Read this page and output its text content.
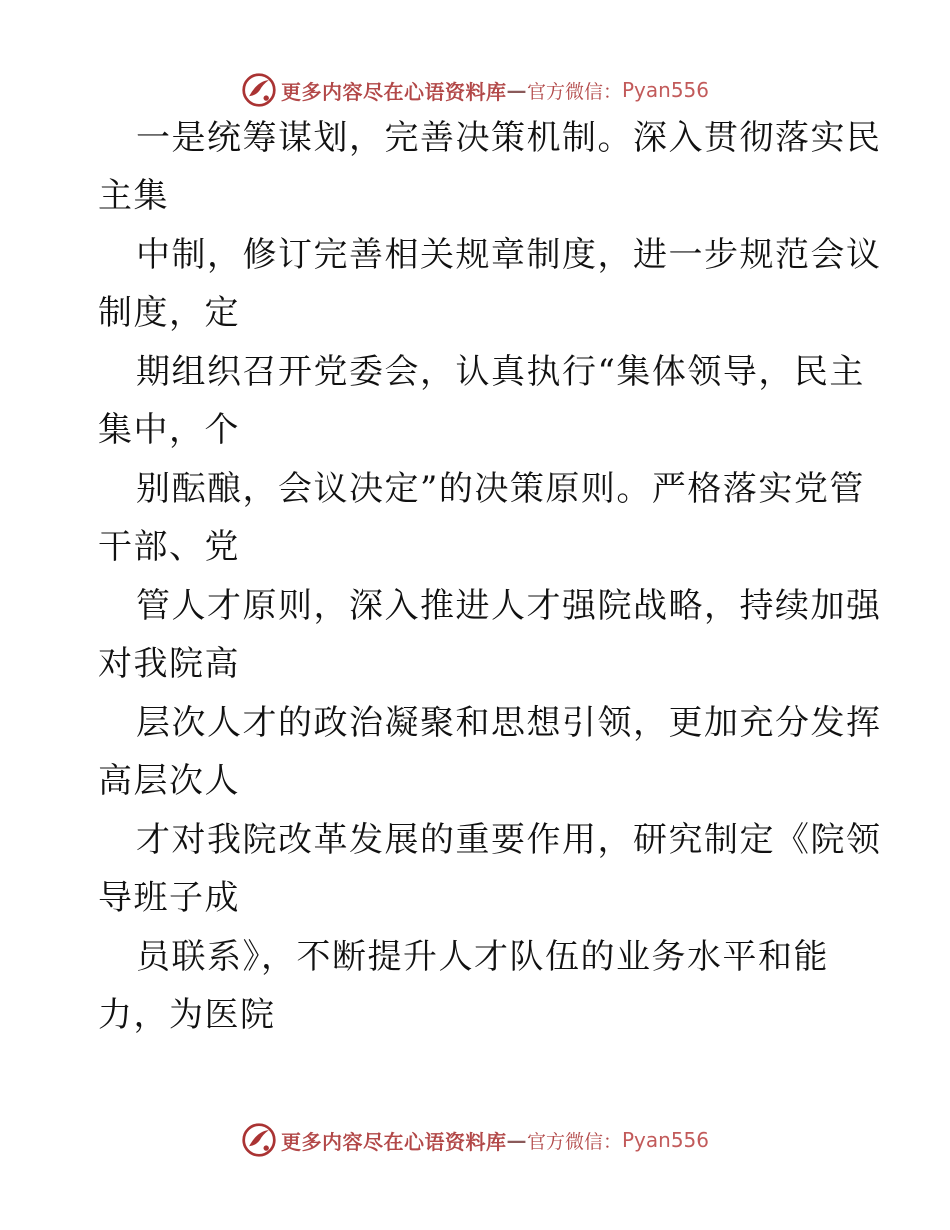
更多内容尽在心语资料库 — 官方微信： Pyan556
一是统筹谋划，完善决策机制。深入贯彻落实民
主集
中制，修订完善相关规章制度，进一步规范会议
制度，定
期组织召开党委会，认真执行“集体领导，民主
集中，个
别酝酿，会议决定”的决策原则。严格落实党管
干部、党
管人才原则，深入推进人才强院战略，持续加强
对我院高
层次人才的政治凝聚和思想引领，更加充分发挥
高层次人
才对我院改革发展的重要作用，研究制定《院领
导班子成
员联系》，不断提升人才队伍的业务水平和能
力，为医院
更多内容尽在心语资料库 — 官方微信： Pyan556
